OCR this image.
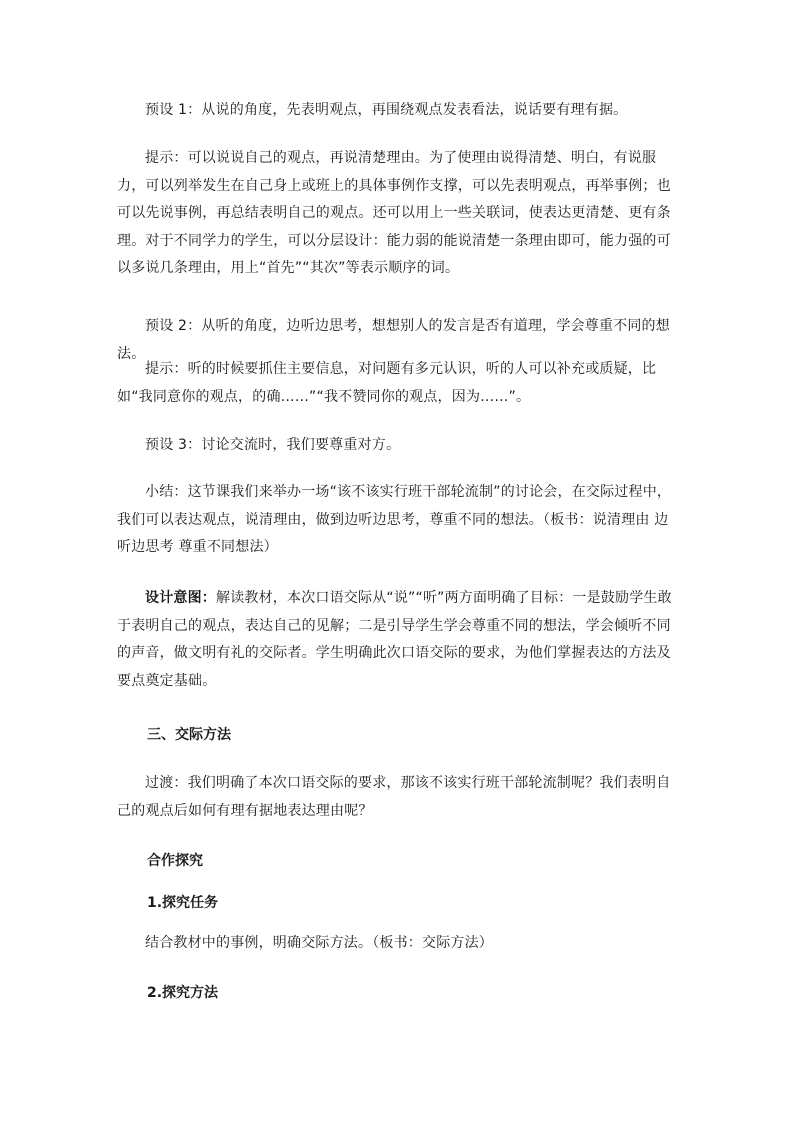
预设 1：从说的角度，先表明观点，再围绕观点发表看法，说话要有理有据。

提示：可以说说自己的观点，再说清楚理由。为了使理由说得清楚、明白，有说服力，可以列举发生在自己身上或班上的具体事例作支撑，可以先表明观点，再举事例；也可以先说事例，再总结表明自己的观点。还可以用上一些关联词，使表达更清楚、更有条理。对于不同学力的学生，可以分层设计：能力弱的能说清楚一条理由即可，能力强的可以多说几条理由，用上“首先”“其次”等表示顺序的词。

预设 2：从听的角度，边听边思考，想想别人的发言是否有道理，学会尊重不同的想法。

提示：听的时候要抓住主要信息，对问题有多元认识，听的人可以补充或质疑，比如“我同意你的观点，的确……”“我不赞同你的观点，因为……”。

预设 3：讨论交流时，我们要尊重对方。

小结：这节课我们来举办一场“该不该实行班干部轮流制”的讨论会，在交际过程中，我们可以表达观点，说清理由，做到边听边思考，尊重不同的想法。（板书：说清理由 边听边思考 尊重不同想法）

设计意图：解读教材，本次口语交际从“说”“听”两方面明确了目标：一是鼓励学生敢于表明自己的观点，表达自己的见解；二是引导学生学会尊重不同的想法，学会倾听不同的声音，做文明有礼的交际者。学生明确此次口语交际的要求，为他们掌握表达的方法及要点奠定基础。

三、交际方法

过渡：我们明确了本次口语交际的要求，那该不该实行班干部轮流制呢？我们表明自己的观点后如何有理有据地表达理由呢？

合作探究
1.探究任务

结合教材中的事例，明确交际方法。（板书：交际方法）

2.探究方法
